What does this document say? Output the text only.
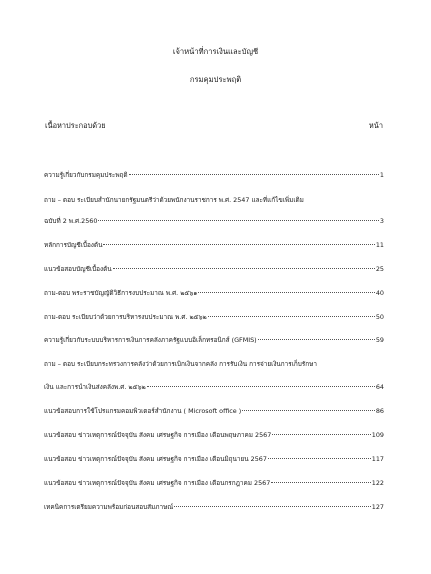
เจ้าหน้าที่การเงินและบัญชี
กรมคุมประพฤติ
เนื้อหาประกอบด้วย	หน้า
ความรู้เกี่ยวกับกรมคุมประพฤติ	1
ถาม – ตอบ ระเบียบสำนักนายกรัฐมนตรีว่าด้วยพนักงานราชการ พ.ศ. 2547 และที่แก้ไขเพิ่มเติม
ฉบับที่ 2 พ.ศ.2560	3
หลักการบัญชีเบื้องต้น	11
แนวข้อสอบบัญชีเบื้องต้น	25
ถาม-ตอบ พระราชบัญญัติวิธีการงบประมาณ พ.ศ. ๒๕๖๑	40
ถาม-ตอบ ระเบียบว่าด้วยการบริหารงบประมาณ พ.ศ. ๒๕๖๒	50
ความรู้เกี่ยวกับระบบบริหารการเงินการคลังภาครัฐแบบอิเล็กทรอนิกส์ (GFMIS)	59
ถาม – ตอบ ระเบียบกระทรวงการคลังว่าด้วยการเบิกเงินจากคลัง การรับเงิน การจ่ายเงินการเก็บรักษา
เงิน และการนำเงินส่งคลังพ.ศ. ๒๕๖๒	64
แนวข้อสอบการใช้โปรแกรมคอมพิวเตอร์สำนักงาน ( Microsoft office )	86
แนวข้อสอบ ข่าวเหตุการณ์ปัจจุบัน สังคม เศรษฐกิจ การเมือง เดือนพฤษภาคม 2567	109
แนวข้อสอบ ข่าวเหตุการณ์ปัจจุบัน สังคม เศรษฐกิจ การเมือง เดือนมิถุนายน 2567	117
แนวข้อสอบ ข่าวเหตุการณ์ปัจจุบัน สังคม เศรษฐกิจ การเมือง เดือนกรกฎาคม 2567	122
เทคนิคการเตรียมความพร้อมก่อนสอบสัมภาษณ์	127
